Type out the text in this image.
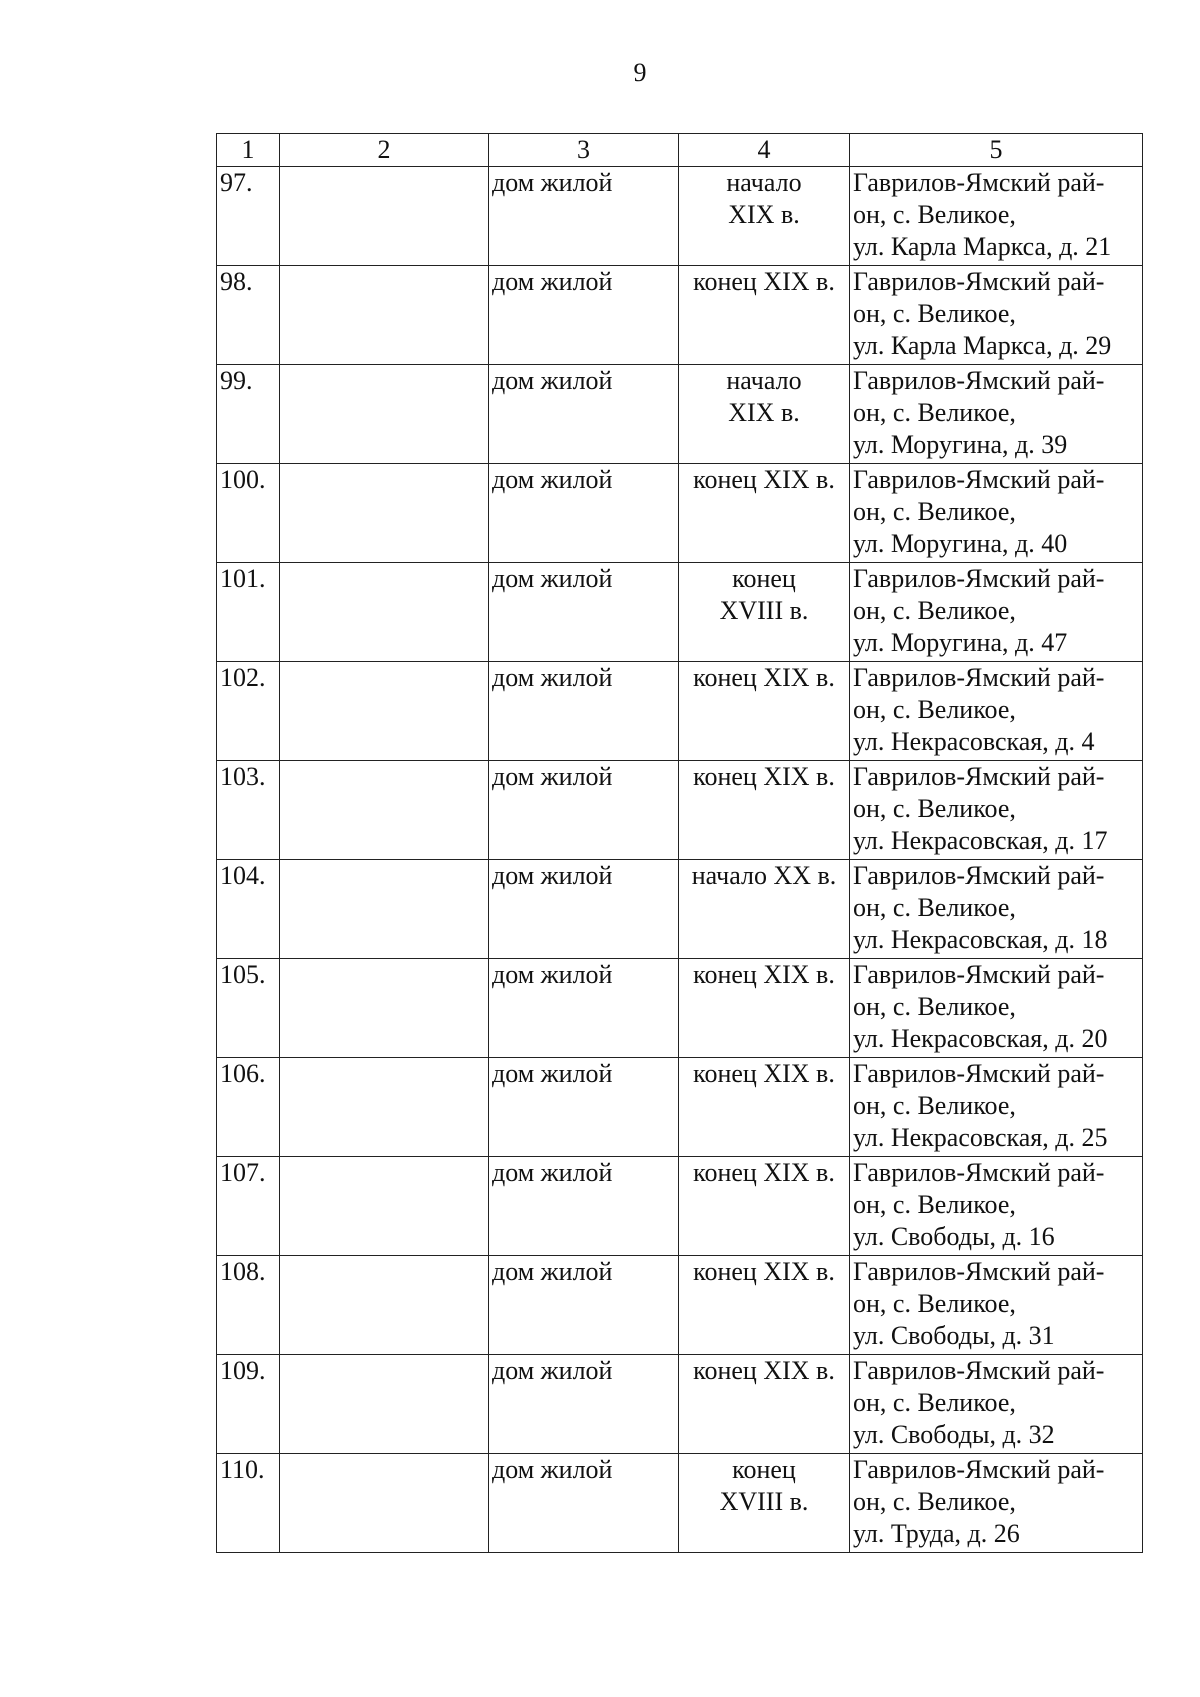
9
1	2	3	4	5
97.		дом жилой	начало
XIX в.	Гаврилов-Ямский рай-
он, с. Великое,
ул. Карла Маркса, д. 21

98.		дом жилой	конец XIX в.	Гаврилов-Ямский рай-
он, с. Великое,
ул. Карла Маркса, д. 29

99.		дом жилой	начало
XIX в.	Гаврилов-Ямский рай-
он, с. Великое,
ул. Моругина, д. 39

100.		дом жилой	конец XIX в.	Гаврилов-Ямский рай-
он, с. Великое,
ул. Моругина, д. 40

101.		дом жилой	конец
XVIII в.	Гаврилов-Ямский рай-
он, с. Великое,
ул. Моругина, д. 47

102.		дом жилой	конец XIX в.	Гаврилов-Ямский рай-
он, с. Великое,
ул. Некрасовская, д. 4

103.		дом жилой	конец XIX в.	Гаврилов-Ямский рай-
он, с. Великое,
ул. Некрасовская, д. 17

104.		дом жилой	начало XX в.	Гаврилов-Ямский рай-
он, с. Великое,
ул. Некрасовская, д. 18

105.		дом жилой	конец XIX в.	Гаврилов-Ямский рай-
он, с. Великое,
ул. Некрасовская, д. 20

106.		дом жилой	конец XIX в.	Гаврилов-Ямский рай-
он, с. Великое,
ул. Некрасовская, д. 25

107.		дом жилой	конец XIX в.	Гаврилов-Ямский рай-
он, с. Великое,
ул. Свободы, д. 16

108.		дом жилой	конец XIX в.	Гаврилов-Ямский рай-
он, с. Великое,
ул. Свободы, д. 31

109.		дом жилой	конец XIX в.	Гаврилов-Ямский рай-
он, с. Великое,
ул. Свободы, д. 32

110.		дом жилой	конец
XVIII в.	Гаврилов-Ямский рай-
он, с. Великое,
ул. Труда, д. 26
